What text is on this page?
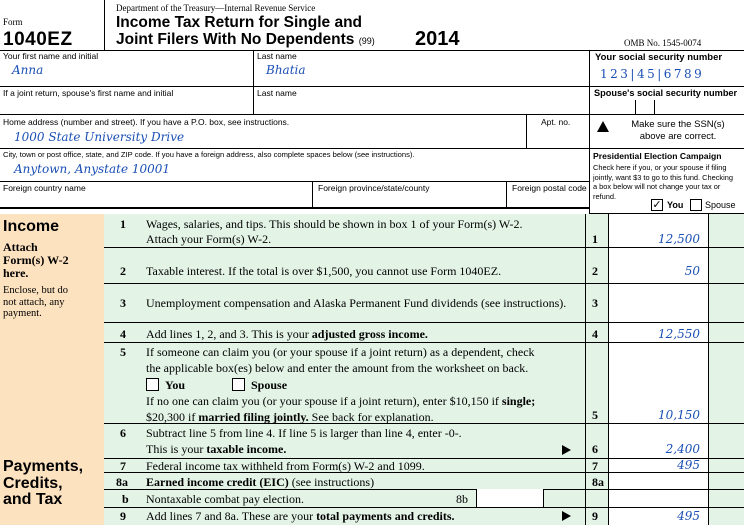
Form
1040EZ
Department of the Treasury—Internal Revenue Service
Income Tax Return for Single and
Joint Filers With No Dependents (99) 2014	OMB No. 1545-0074
Your first name and initial
Anna
Last name
Bhatia
If a joint return, spouse's first name and initial	Last name
Home address (number and street). If you have a P.O. box, see instructions.
1000 State University Drive
Apt. no.
City, town or post office, state, and ZIP code. If you have a foreign address, also complete spaces below (see instructions).
Anytown, Anystate 10001
Foreign country name	Foreign province/state/county	Foreign postal code
Your social security number
123|45|6789
Spouse's social security number
Make sure the SSN(s)
above are correct.
Presidential Election Campaign
Check here if you, or your spouse if filing
jointly, want $3 to go to this fund. Checking
a box below will not change your tax or
refund.
✓ You Spouse
Income
Attach
Form(s) W-2
here.
Enclose, but do
not attach, any
payment.
Payments,
Credits,
and Tax
1 Wages, salaries, and tips. This should be shown in box 1 of your Form(s) W-2.
Attach your Form(s) W-2.	1	12,500
2 Taxable interest. If the total is over $1,500, you cannot use Form 1040EZ.	2	50
3 Unemployment compensation and Alaska Permanent Fund dividends (see instructions). 3
4 Add lines 1, 2, and 3. This is your adjusted gross income.	4	12,550
5 If someone can claim you (or your spouse if a joint return) as a dependent, check
the applicable box(es) below and enter the amount from the worksheet on back.
You	Spouse
If no one can claim you (or your spouse if a joint return), enter $10,150 if single;
$20,300 if married filing jointly. See back for explanation.	5	10,150
6 Subtract line 5 from line 4. If line 5 is larger than line 4, enter -0-.
This is your taxable income.	6	2,400
7 Federal income tax withheld from Form(s) W-2 and 1099.	7	495
8a Earned income credit (EIC) (see instructions)	8a
b Nontaxable combat pay election.	8b
9 Add lines 7 and 8a. These are your total payments and credits.	9	495
